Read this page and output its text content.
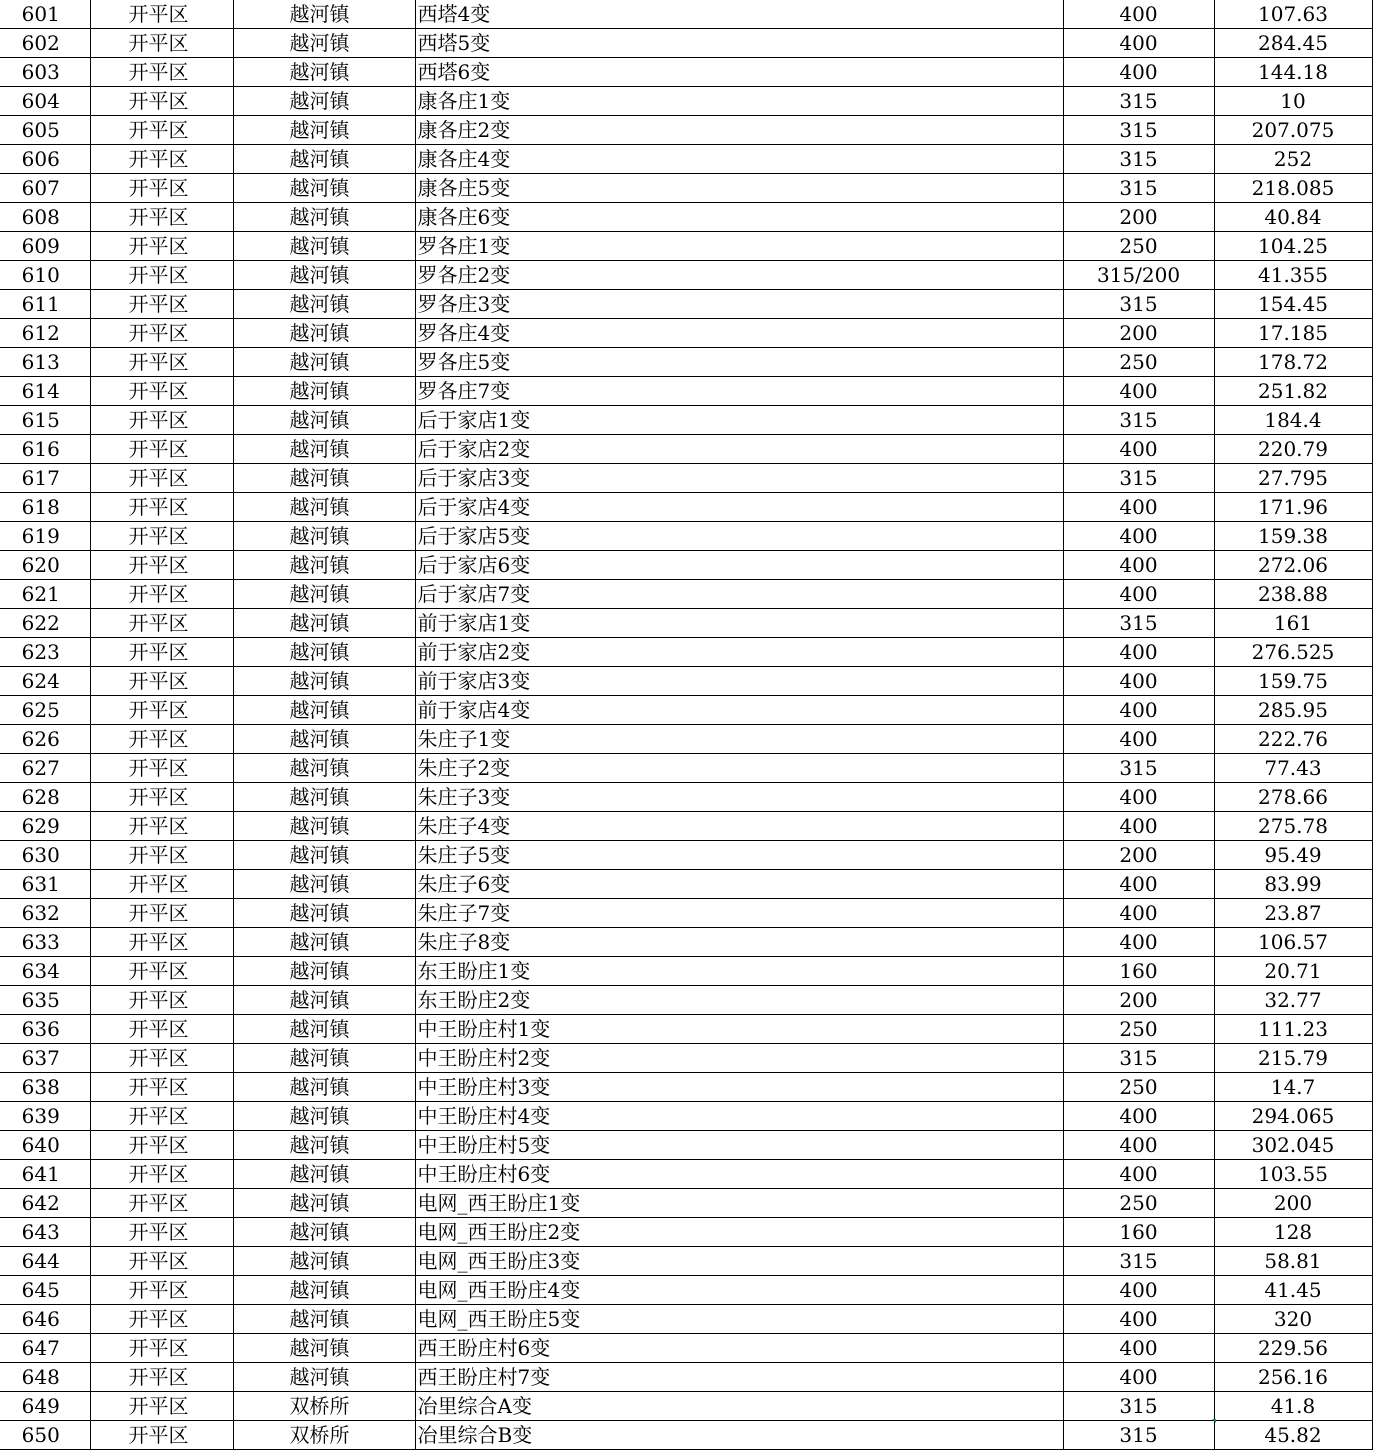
601	开平区	越河镇	西塔4变	400	107.63
602	开平区	越河镇	西塔5变	400	284.45
603	开平区	越河镇	西塔6变	400	144.18
604	开平区	越河镇	康各庄1变	315	10
605	开平区	越河镇	康各庄2变	315	207.075
606	开平区	越河镇	康各庄4变	315	252
607	开平区	越河镇	康各庄5变	315	218.085
608	开平区	越河镇	康各庄6变	200	40.84
609	开平区	越河镇	罗各庄1变	250	104.25
610	开平区	越河镇	罗各庄2变	315/200	41.355
611	开平区	越河镇	罗各庄3变	315	154.45
612	开平区	越河镇	罗各庄4变	200	17.185
613	开平区	越河镇	罗各庄5变	250	178.72
614	开平区	越河镇	罗各庄7变	400	251.82
615	开平区	越河镇	后于家店1变	315	184.4
616	开平区	越河镇	后于家店2变	400	220.79
617	开平区	越河镇	后于家店3变	315	27.795
618	开平区	越河镇	后于家店4变	400	171.96
619	开平区	越河镇	后于家店5变	400	159.38
620	开平区	越河镇	后于家店6变	400	272.06
621	开平区	越河镇	后于家店7变	400	238.88
622	开平区	越河镇	前于家店1变	315	161
623	开平区	越河镇	前于家店2变	400	276.525
624	开平区	越河镇	前于家店3变	400	159.75
625	开平区	越河镇	前于家店4变	400	285.95
626	开平区	越河镇	朱庄子1变	400	222.76
627	开平区	越河镇	朱庄子2变	315	77.43
628	开平区	越河镇	朱庄子3变	400	278.66
629	开平区	越河镇	朱庄子4变	400	275.78
630	开平区	越河镇	朱庄子5变	200	95.49
631	开平区	越河镇	朱庄子6变	400	83.99
632	开平区	越河镇	朱庄子7变	400	23.87
633	开平区	越河镇	朱庄子8变	400	106.57
634	开平区	越河镇	东王盼庄1变	160	20.71
635	开平区	越河镇	东王盼庄2变	200	32.77
636	开平区	越河镇	中王盼庄村1变	250	111.23
637	开平区	越河镇	中王盼庄村2变	315	215.79
638	开平区	越河镇	中王盼庄村3变	250	14.7
639	开平区	越河镇	中王盼庄村4变	400	294.065
640	开平区	越河镇	中王盼庄村5变	400	302.045
641	开平区	越河镇	中王盼庄村6变	400	103.55
642	开平区	越河镇	电网_西王盼庄1变	250	200
643	开平区	越河镇	电网_西王盼庄2变	160	128
644	开平区	越河镇	电网_西王盼庄3变	315	58.81
645	开平区	越河镇	电网_西王盼庄4变	400	41.45
646	开平区	越河镇	电网_西王盼庄5变	400	320
647	开平区	越河镇	西王盼庄村6变	400	229.56
648	开平区	越河镇	西王盼庄村7变	400	256.16
649	开平区	双桥所	冶里综合A变	315	41.8
650	开平区	双桥所	冶里综合B变	315	45.82
